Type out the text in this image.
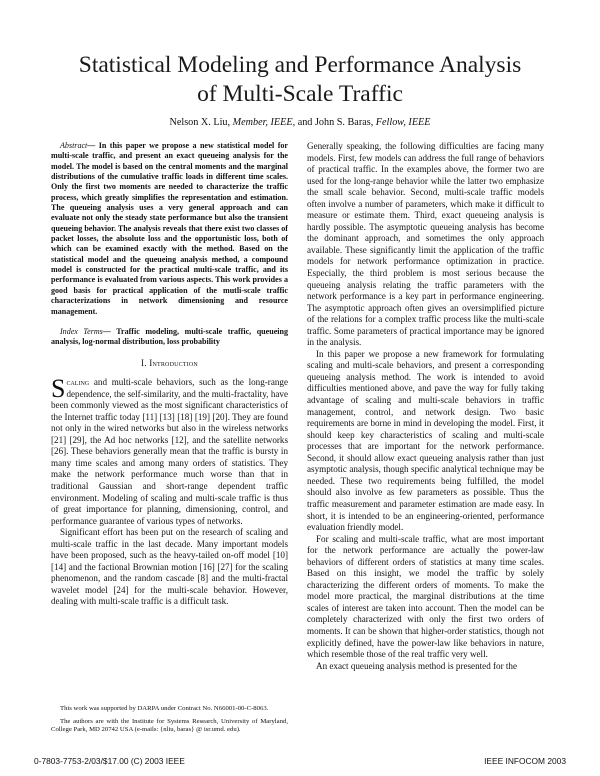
Statistical Modeling and Performance Analysis
of Multi-Scale Traffic
Nelson X. Liu, Member, IEEE, and John S. Baras, Fellow, IEEE

Abstract— In this paper we propose a new statistical model for multi-scale traffic, and present an exact queueing analysis for the model. The model is based on the central moments and the marginal distributions of the cumulative traffic loads in different time scales. Only the first two moments are needed to characterize the traffic process, which greatly simplifies the representation and estimation. The queueing analysis uses a very general approach and can evaluate not only the steady state performance but also the transient queueing behavior. The analysis reveals that there exist two classes of packet losses, the absolute loss and the opportunistic loss, both of which can be examined exactly with the method. Based on the statistical model and the queueing analysis method, a compound model is constructed for the practical multi-scale traffic, and its performance is evaluated from various aspects. This work provides a good basis for practical application of the mutli-scale traffic characterizations in network dimensioning and resource management.

Index Terms— Traffic modeling, multi-scale traffic, queueing analysis, log-normal distribution, loss probability

I. Introduction

Scaling and multi-scale behaviors, such as the long-range dependence, the self-similarity, and the multi-fractality, have been commonly viewed as the most significant characteristics of the Internet traffic today [11] [13] [18] [19] [20]. They are found not only in the wired networks but also in the wireless networks [21] [29], the Ad hoc networks [12], and the satellite networks [26]. These behaviors generally mean that the traffic is bursty in many time scales and among many orders of statistics. They make the network performance much worse than that in traditional Gaussian and short-range dependent traffic environment. Modeling of scaling and multi-scale traffic is thus of great importance for planning, dimensioning, control, and performance guarantee of various types of networks.

Significant effort has been put on the research of scaling and multi-scale traffic in the last decade. Many important models have been proposed, such as the heavy-tailed on-off model [10] [14] and the factional Brownian motion [16] [27] for the scaling phenomenon, and the random cascade [8] and the multi-fractal wavelet model [24] for the multi-scale behavior. However, dealing with multi-scale traffic is a difficult task.

This work was supported by DARPA under Contract No. N66001-00-C-8063.

The authors are with the Institute for Systems Research, University of Maryland, College Park, MD 20742 USA (e-mails: {nliu, baras} @ isr.umd. edu).

Generally speaking, the following difficulties are facing many models. First, few models can address the full range of behaviors of practical traffic. In the examples above, the former two are used for the long-range behavior while the latter two emphasize the small scale behavior. Second, multi-scale traffic models often involve a number of parameters, which make it difficult to measure or estimate them. Third, exact queueing analysis is hardly possible. The asymptotic queueing analysis has become the dominant approach, and sometimes the only approach available. These significantly limit the application of the traffic models for network performance optimization in practice. Especially, the third problem is most serious because the queueing analysis relating the traffic parameters with the network performance is a key part in performance engineering. The asymptotic approach often gives an oversimplified picture of the relations for a complex traffic process like the multi-scale traffic. Some parameters of practical importance may be ignored in the analysis.

In this paper we propose a new framework for formulating scaling and multi-scale behaviors, and present a corresponding queueing analysis method. The work is intended to avoid difficulties mentioned above, and pave the way for fully taking advantage of scaling and multi-scale behaviors in traffic management, control, and network design. Two basic requirements are borne in mind in developing the model. First, it should keep key characteristics of scaling and multi-scale processes that are important for the network performance. Second, it should allow exact queueing analysis rather than just asymptotic analysis, though specific analytical technique may be needed. These two requirements being fulfilled, the model should also involve as few parameters as possible. Thus the traffic measurement and parameter estimation are made easy. In short, it is intended to be an engineering-oriented, performance evaluation friendly model.

For scaling and multi-scale traffic, what are most important for the network performance are actually the power-law behaviors of different orders of statistics at many time scales. Based on this insight, we model the traffic by solely characterizing the different orders of moments. To make the model more practical, the marginal distributions at the time scales of interest are taken into account. Then the model can be completely characterized with only the first two orders of moments. It can be shown that higher-order statistics, though not explicitly defined, have the power-law like behaviors in nature, which resemble those of the real traffic very well.

An exact queueing analysis method is presented for the

0-7803-7753-2/03/$17.00 (C) 2003 IEEE	IEEE INFOCOM 2003
